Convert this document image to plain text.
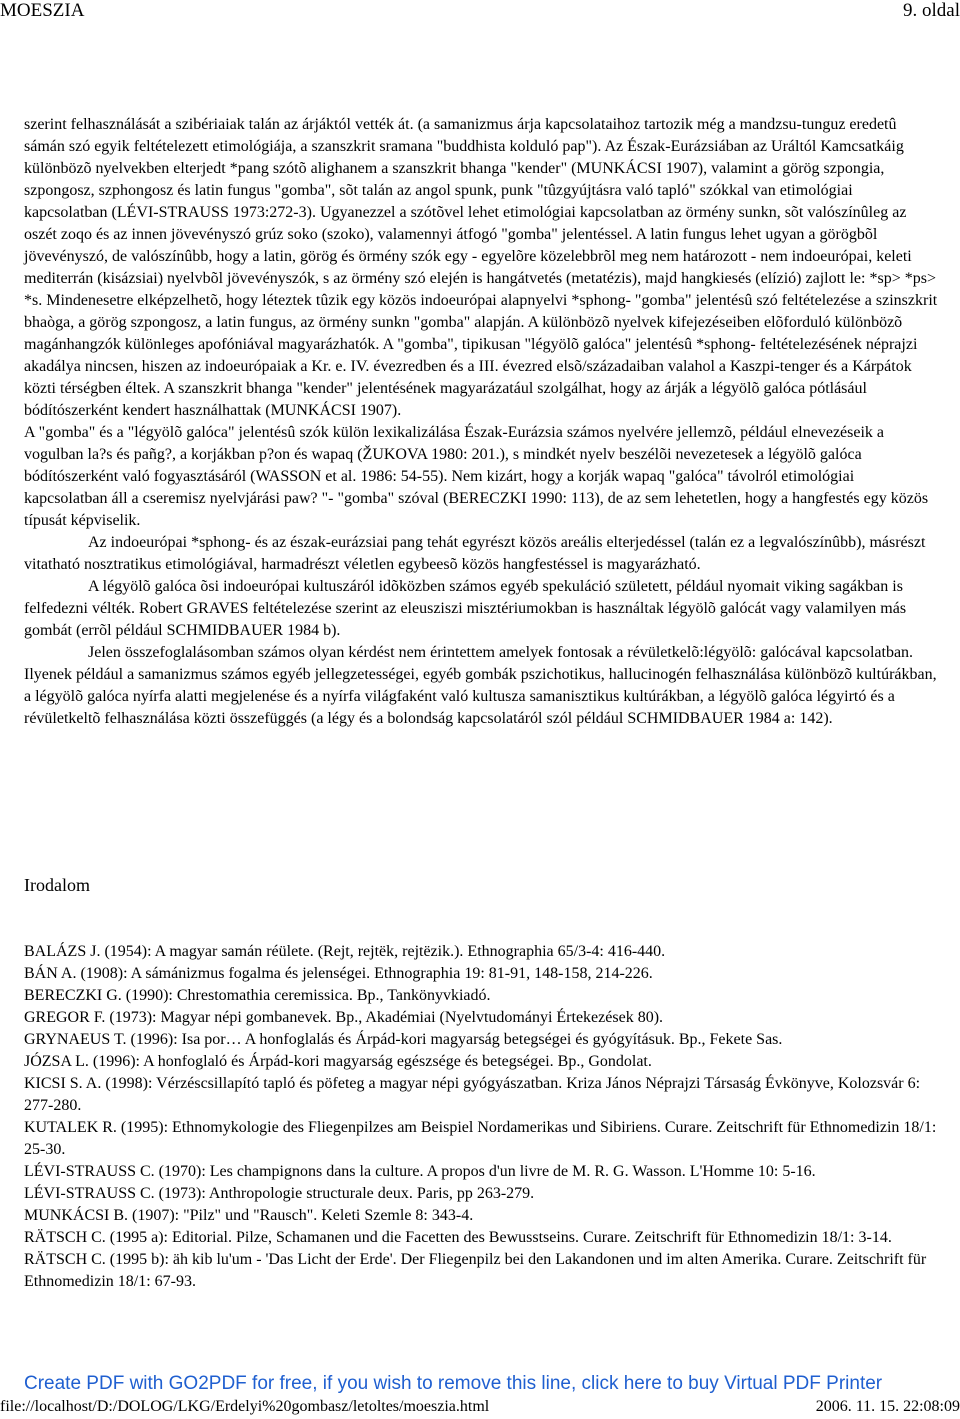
MOESZIA	9. oldal

szerint felhasználását a szibériaiak talán az árjáktól vették át. (a samanizmus árja kapcsolataihoz tartozik még a mandzsu-tunguz eredetû sámán szó egyik feltételezett etimológiája, a szanszkrit sramana "buddhista kolduló pap"). Az Észak-Eurázsiában az Uráltól Kamcsatkáig különbözõ nyelvekben elterjedt *pang szótõ alighanem a szanszkrit bhanga "kender" (MUNKÁCSI 1907), valamint a görög szpongia, szpongosz, szphongosz és latin fungus "gomba", sõt talán az angol spunk, punk "tûzgyújtásra való tapló" szókkal van etimológiai kapcsolatban (LÉVI-STRAUSS 1973:272-3). Ugyanezzel a szótõvel lehet etimológiai kapcsolatban az örmény sunkn, sõt valószínûleg az oszét zoqo és az innen jövevényszó grúz soko (szoko), valamennyi átfogó "gomba" jelentéssel. A latin fungus lehet ugyan a görögbõl jövevényszó, de valószínûbb, hogy a latin, görög és örmény szók egy - egyelõre közelebbrõl meg nem határozott - nem indoeurópai, keleti mediterrán (kisázsiai) nyelvbõl jövevényszók, s az örmény szó elején is hangátvetés (metatézis), majd hangkiesés (elízió) zajlott le: *sp> *ps> *s. Mindenesetre elképzelhetõ, hogy léteztek tûzik egy közös indoeurópai alapnyelvi *sphong- "gomba" jelentésû szó feltételezése a szinszkrit bhaòga, a görög szpongosz, a latin fungus, az örmény sunkn "gomba" alapján. A különbözõ nyelvek kifejezéseiben elõforduló különbözõ magánhangzók különleges apofóniával magyarázhatók. A "gomba", tipikusan "légyölõ galóca" jelentésû *sphong- feltételezésének néprajzi akadálya nincsen, hiszen az indoeurópaiak a Kr. e. IV. évezredben és a III. évezred elsõ/századaiban valahol a Kaszpi-tenger és a Kárpátok közti térségben éltek. A szanszkrit bhanga "kender" jelentésének magyarázatául szolgálhat, hogy az árják a légyölõ galóca pótlásául bódítószerként kendert használhattak (MUNKÁCSI 1907).

A "gomba" és a "légyölõ galóca" jelentésû szók külön lexikalizálása Észak-Eurázsia számos nyelvére jellemzõ, például elnevezéseik a vogulban la?s és pañg?, a korjákban p?on és wapaq (ŽUKOVA 1980: 201.), s mindkét nyelv beszélõi nevezetesek a légyölõ galóca bódítószerként való fogyasztásáról (WASSON et al. 1986: 54-55). Nem kizárt, hogy a korják wapaq "galóca" távolról etimológiai kapcsolatban áll a cseremisz nyelvjárási paw? "- "gomba" szóval (BERECZKI 1990: 113), de az sem lehetetlen, hogy a hangfestés egy közös típusát képviselik.

Az indoeurópai *sphong- és az észak-eurázsiai pang tehát egyrészt közös areális elterjedéssel (talán ez a legvalószínûbb), másrészt vitatható nosztratikus etimológiával, harmadrészt véletlen egybeesõ közös hangfestéssel is magyarázható.

A légyölõ galóca õsi indoeurópai kultuszáról idõközben számos egyéb spekuláció született, például nyomait viking sagákban is felfedezni vélték. Robert GRAVES feltételezése szerint az eleusziszi misztériumokban is használtak légyölõ galócát vagy valamilyen más gombát (errõl például SCHMIDBAUER 1984 b).

Jelen összefoglalásomban számos olyan kérdést nem érintettem amelyek fontosak a révületkelõ:légyölõ: galócával kapcsolatban. Ilyenek például a samanizmus számos egyéb jellegzetességei, egyéb gombák pszichotikus, hallucinogén felhasználása különbözõ kultúrákban, a légyölõ galóca nyírfa alatti megjelenése és a nyírfa világfaként való kultusza samanisztikus kultúrákban, a légyölõ galóca légyirtó és a révületkeltõ felhasználása közti összefüggés (a légy és a bolondság kapcsolatáról szól például SCHMIDBAUER 1984 a: 142).

Irodalom

BALÁZS J. (1954): A magyar samán réülete. (Rejt, rejtëk, rejtëzik.). Ethnographia 65/3-4: 416-440.

BÁN A. (1908): A sámánizmus fogalma és jelenségei. Ethnographia 19: 81-91, 148-158, 214-226.

BERECZKI G. (1990): Chrestomathia ceremissica. Bp., Tankönyvkiadó.

GREGOR F. (1973): Magyar népi gombanevek. Bp., Akadémiai (Nyelvtudományi Értekezések 80).

GRYNAEUS T. (1996): Isa por… A honfoglalás és Árpád-kori magyarság betegségei és gyógyításuk. Bp., Fekete Sas.

JÓZSA L. (1996): A honfoglaló és Árpád-kori magyarság egészsége és betegségei. Bp., Gondolat.

KICSI S. A. (1998): Vérzéscsillapító tapló és pöfeteg a magyar népi gyógyászatban. Kriza János Néprajzi Társaság Évkönyve, Kolozsvár 6: 277-280.

KUTALEK R. (1995): Ethnomykologie des Fliegenpilzes am Beispiel Nordamerikas und Sibiriens. Curare. Zeitschrift für Ethnomedizin 18/1: 25-30.

LÉVI-STRAUSS C. (1970): Les champignons dans la culture. A propos d'un livre de M. R. G. Wasson. L'Homme 10: 5-16.

LÉVI-STRAUSS C. (1973): Anthropologie structurale deux. Paris, pp 263-279.

MUNKÁCSI B. (1907): "Pilz" und "Rausch". Keleti Szemle 8: 343-4.

RÄTSCH C. (1995 a): Editorial. Pilze, Schamanen und die Facetten des Bewusstseins. Curare. Zeitschrift für Ethnomedizin 18/1: 3-14.

RÄTSCH C. (1995 b): äh kib lu'um - 'Das Licht der Erde'. Der Fliegenpilz bei den Lakandonen und im alten Amerika. Curare. Zeitschrift für Ethnomedizin 18/1: 67-93.

Create PDF with GO2PDF for free, if you wish to remove this line, click here to buy Virtual PDF Printer
file://localhost/D:/DOLOG/LKG/Erdelyi%20gombasz/letoltes/moeszia.html	2006. 11. 15. 22:08:09
